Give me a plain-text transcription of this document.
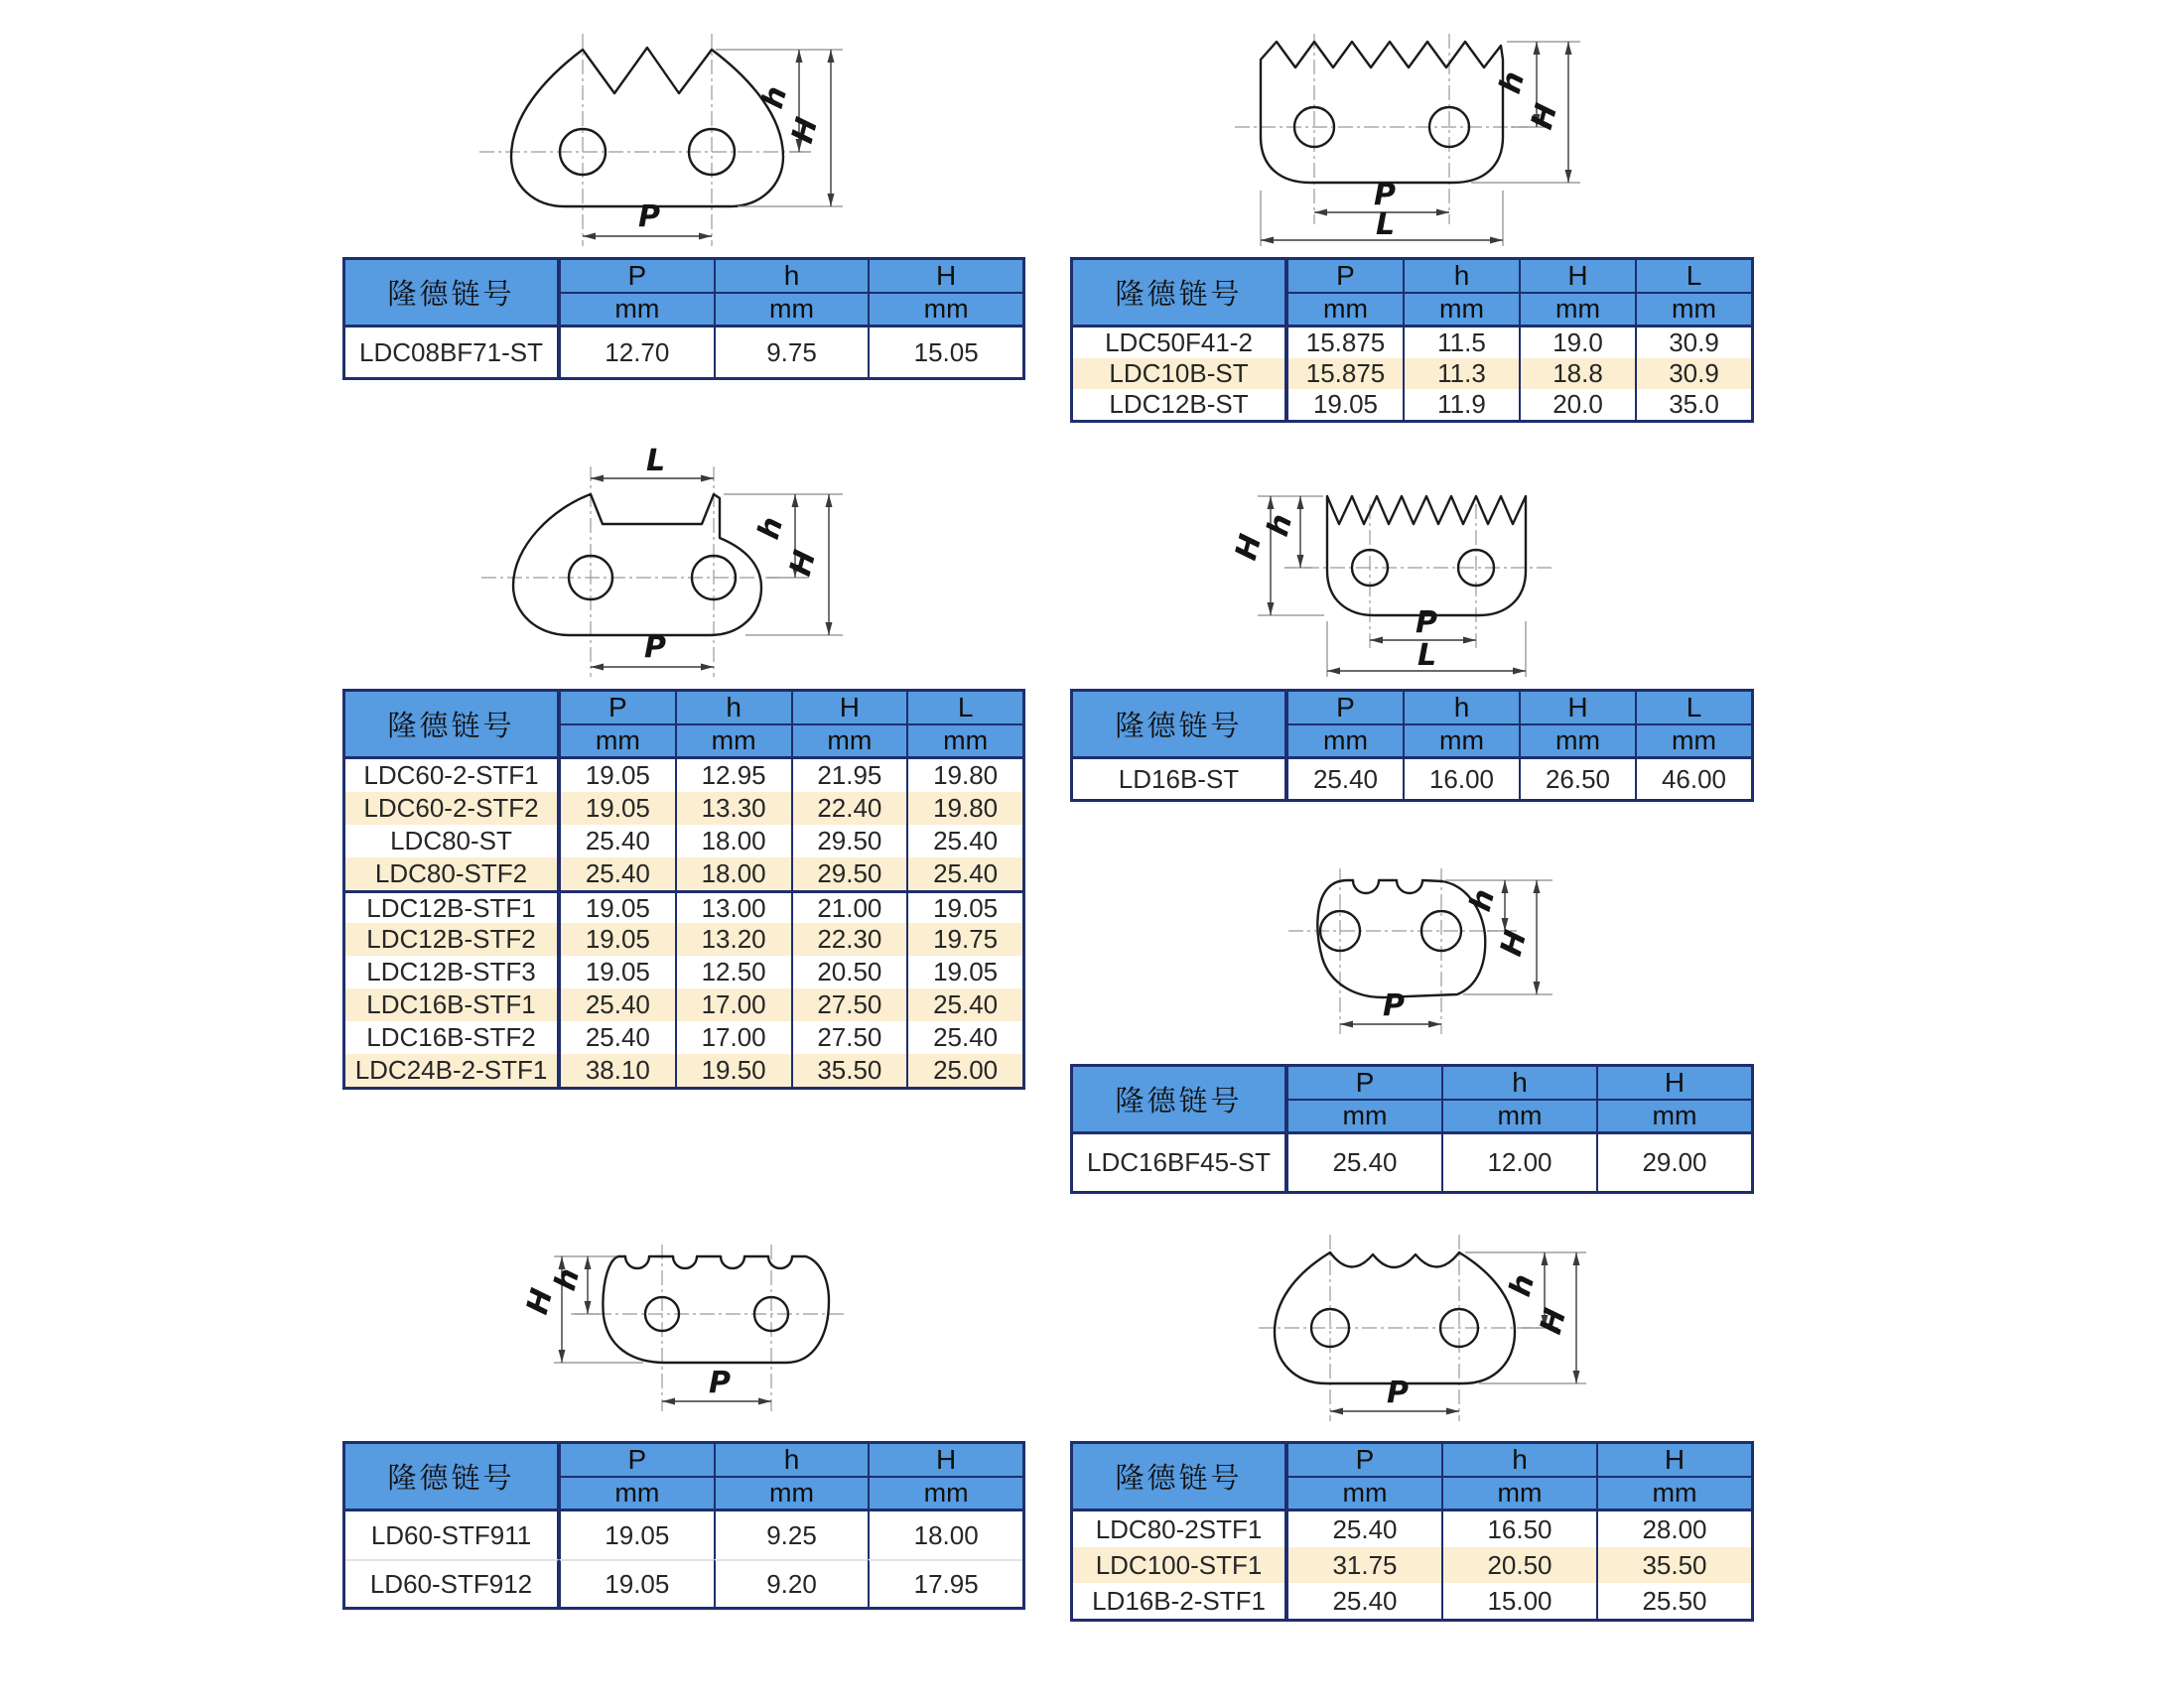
h
H
P
h
H
P
L
L
h
H
P
h
H
P
L
h
H
P
h
H
P
h
H
P
隆德链号
P	h	H
mm	mm	mm
LDC08BF71-ST	12.70	9.75	15.05
隆德链号
P	h	H	L
mm	mm	mm	mm
LDC50F41-2	15.875	11.5	19.0	30.9
LDC10B-ST	15.875	11.3	18.8	30.9
LDC12B-ST	19.05	11.9	20.0	35.0
隆德链号
P	h	H	L
mm	mm	mm	mm
LDC60-2-STF1	19.05	12.95	21.95	19.80
LDC60-2-STF2	19.05	13.30	22.40	19.80
LDC80-ST	25.40	18.00	29.50	25.40
LDC80-STF2	25.40	18.00	29.50	25.40
LDC12B-STF1	19.05	13.00	21.00	19.05
LDC12B-STF2	19.05	13.20	22.30	19.75
LDC12B-STF3	19.05	12.50	20.50	19.05
LDC16B-STF1	25.40	17.00	27.50	25.40
LDC16B-STF2	25.40	17.00	27.50	25.40
LDC24B-2-STF1	38.10	19.50	35.50	25.00
隆德链号
P	h	H	L
mm	mm	mm	mm
LD16B-ST	25.40	16.00	26.50	46.00
隆德链号
P	h	H
mm	mm	mm
LDC16BF45-ST	25.40	12.00	29.00
隆德链号
P	h	H
mm	mm	mm
LD60-STF911	19.05	9.25	18.00
LD60-STF912	19.05	9.20	17.95
隆德链号
P	h	H
mm	mm	mm
LDC80-2STF1	25.40	16.50	28.00
LDC100-STF1	31.75	20.50	35.50
LD16B-2-STF1	25.40	15.00	25.50
